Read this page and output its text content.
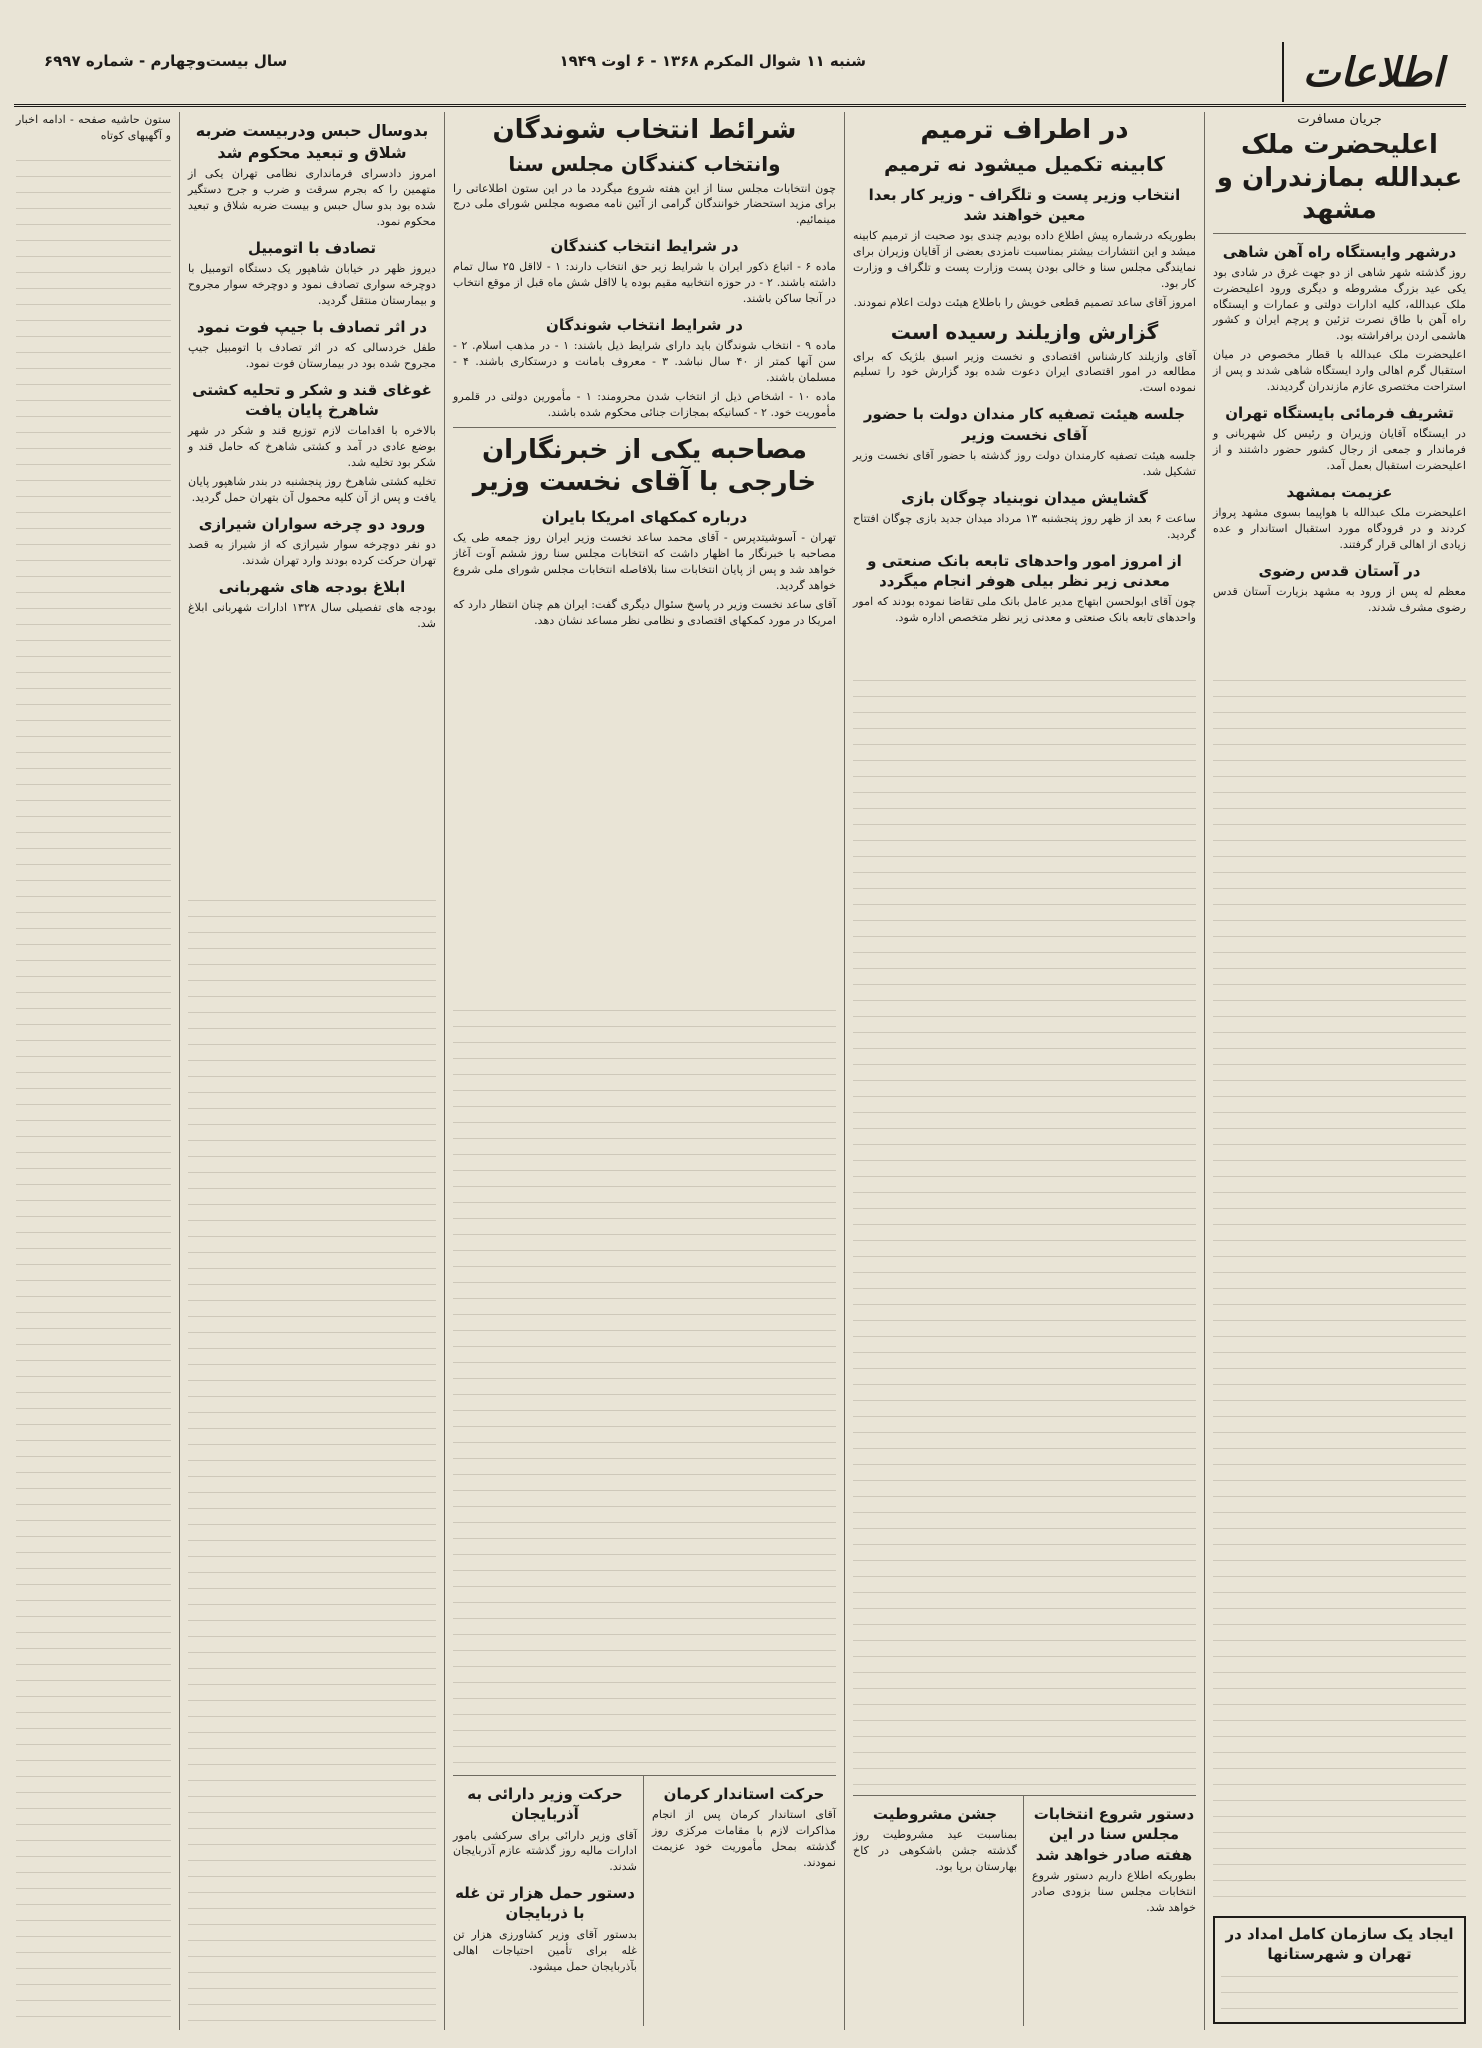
اطلاعات
شنبه ۱۱ شوال المکرم ۱۳۶۸ - ۶ اوت ۱۹۴۹
سال بیست‌وچهارم - شماره ۶۹۹۷
جریان مسافرت
اعلیحضرت ملک عبدالله بمازندران و مشهد
درشهر وایستگاه راه آهن شاهی

روز گذشته شهر شاهی از دو جهت غرق در شادی بود یکی عید بزرگ مشروطه و دیگری ورود اعلیحضرت ملک عبدالله، کلیه ادارات دولتی و عمارات و ایستگاه راه آهن با طاق نصرت تزئین و پرچم ایران و کشور هاشمی اردن برافراشته بود.

اعلیحضرت ملک عبدالله با قطار مخصوص در میان استقبال گرم اهالی وارد ایستگاه شاهی شدند و پس از استراحت مختصری عازم مازندران گردیدند.

تشریف فرمائی بایستگاه تهران

در ایستگاه آقایان وزیران و رئیس کل شهربانی و فرماندار و جمعی از رجال کشور حضور داشتند و از اعلیحضرت استقبال بعمل آمد.

عزیمت بمشهد

اعلیحضرت ملک عبدالله با هواپیما بسوی مشهد پرواز کردند و در فرودگاه مورد استقبال استاندار و عده زیادی از اهالی قرار گرفتند.

در آستان قدس رضوی

معظم له پس از ورود به مشهد بزیارت آستان قدس رضوی مشرف شدند.

ایجاد یک سازمان کامل امداد در تهران و شهرستانها
در اطراف ترمیم
کابینه تکمیل میشود نه ترمیم
انتخاب وزیر پست و تلگراف - وزیر کار بعدا معین خواهند شد

بطوریکه درشماره پیش اطلاع داده بودیم چندی بود صحبت از ترمیم کابینه میشد و این انتشارات بیشتر بمناسبت نامزدی بعضی از آقایان وزیران برای نمایندگی مجلس سنا و خالی بودن پست وزارت پست و تلگراف و وزارت کار بود.

امروز آقای ساعد تصمیم قطعی خویش را باطلاع هیئت دولت اعلام نمودند.

گزارش وازیلند رسیده است

آقای وازیلند کارشناس اقتصادی و نخست وزیر اسبق بلژیک که برای مطالعه در امور اقتصادی ایران دعوت شده بود گزارش خود را تسلیم نموده است.

جلسه هیئت تصفیه کار مندان دولت با حضور آقای نخست وزیر

جلسه هیئت تصفیه کارمندان دولت روز گذشته با حضور آقای نخست وزیر تشکیل شد.

گشایش میدان نوبنیاد چوگان بازی

ساعت ۶ بعد از ظهر روز پنجشنبه ۱۳ مرداد میدان جدید بازی چوگان افتتاح گردید.

از امروز امور واحدهای تابعه بانک صنعتی و معدنی زیر نظر بیلی هوفر انجام میگردد

چون آقای ابولحسن ابتهاج مدیر عامل بانک ملی تقاضا نموده بودند که امور واحدهای تابعه بانک صنعتی و معدنی زیر نظر متخصص اداره شود.

دستور شروع انتخابات مجلس سنا در این هفته صادر خواهد شد

بطوریکه اطلاع داریم دستور شروع انتخابات مجلس سنا بزودی صادر خواهد شد.

جشن مشروطیت

بمناسبت عید مشروطیت روز گذشته جشن باشکوهی در کاخ بهارستان برپا بود.

شرائط انتخاب شوندگان
وانتخاب کنندگان مجلس سنا

چون انتخابات مجلس سنا از این هفته شروع میگردد ما در این ستون اطلاعاتی را برای مزید استحضار خوانندگان گرامی از آئین نامه مصوبه مجلس شورای ملی درج مینمائیم.

در شرایط انتخاب کنندگان

ماده ۶ - اتباع ذکور ایران با شرایط زیر حق انتخاب دارند: ۱ - لااقل ۲۵ سال تمام داشته باشند. ۲ - در حوزه انتخابیه مقیم بوده یا لااقل شش ماه قبل از موقع انتخاب در آنجا ساکن باشند.

در شرایط انتخاب شوندگان

ماده ۹ - انتخاب شوندگان باید دارای شرایط ذیل باشند: ۱ - در مذهب اسلام. ۲ - سن آنها کمتر از ۴۰ سال نباشد. ۳ - معروف بامانت و درستکاری باشند. ۴ - مسلمان باشند.

ماده ۱۰ - اشخاص ذیل از انتخاب شدن محرومند: ۱ - مأمورین دولتی در قلمرو مأموریت خود. ۲ - کسانیکه بمجازات جنائی محکوم شده باشند.

مصاحبه یکی از خبرنگاران خارجی با آقای نخست وزیر
درباره کمکهای امریکا بایران

تهران - آسوشیتدپرس - آقای محمد ساعد نخست وزیر ایران روز جمعه طی یک مصاحبه با خبرنگار ما اظهار داشت که انتخابات مجلس سنا روز ششم آوت آغاز خواهد شد و پس از پایان انتخابات سنا بلافاصله انتخابات مجلس شورای ملی شروع خواهد گردید.

آقای ساعد نخست وزیر در پاسخ سئوال دیگری گفت: ایران هم چنان انتظار دارد که امریکا در مورد کمکهای اقتصادی و نظامی نظر مساعد نشان دهد.

حرکت استاندار کرمان

آقای استاندار کرمان پس از انجام مذاکرات لازم با مقامات مرکزی روز گذشته بمحل مأموریت خود عزیمت نمودند.

حرکت وزیر دارائی به آذربایجان

آقای وزیر دارائی برای سرکشی بامور ادارات مالیه روز گذشته عازم آذربایجان شدند.

دستور حمل هزار تن غله با ذربایجان

بدستور آقای وزیر کشاورزی هزار تن غله برای تأمین احتیاجات اهالی بآذربایجان حمل میشود.

بدوسال حبس ودربیست ضربه شلاق و تبعید محکوم شد

امروز دادسرای فرمانداری نظامی تهران یکی از متهمین را که بجرم سرقت و ضرب و جرح دستگیر شده بود بدو سال حبس و بیست ضربه شلاق و تبعید محکوم نمود.

تصادف با اتومبیل

دیروز ظهر در خیابان شاهپور یک دستگاه اتومبیل با دوچرخه سواری تصادف نمود و دوچرخه سوار مجروح و بیمارستان منتقل گردید.

در اثر تصادف با جیپ فوت نمود

طفل خردسالی که در اثر تصادف با اتومبیل جیپ مجروح شده بود در بیمارستان فوت نمود.

غوغای قند و شکر و تحلیه کشتی شاهرخ پایان یافت

بالاخره با اقدامات لازم توزیع قند و شکر در شهر بوضع عادی در آمد و کشتی شاهرخ که حامل قند و شکر بود تخلیه شد.

تخلیه کشتی شاهرخ روز پنجشنبه در بندر شاهپور پایان یافت و پس از آن کلیه محمول آن بتهران حمل گردید.

ورود دو چرخه سواران شیرازی

دو نفر دوچرخه سوار شیرازی که از شیراز به قصد تهران حرکت کرده بودند وارد تهران شدند.

ابلاغ بودجه های شهربانی

بودجه های تفصیلی سال ۱۳۲۸ ادارات شهربانی ابلاغ شد.

ستون حاشیه صفحه - ادامه اخبار و آگهیهای کوتاه
